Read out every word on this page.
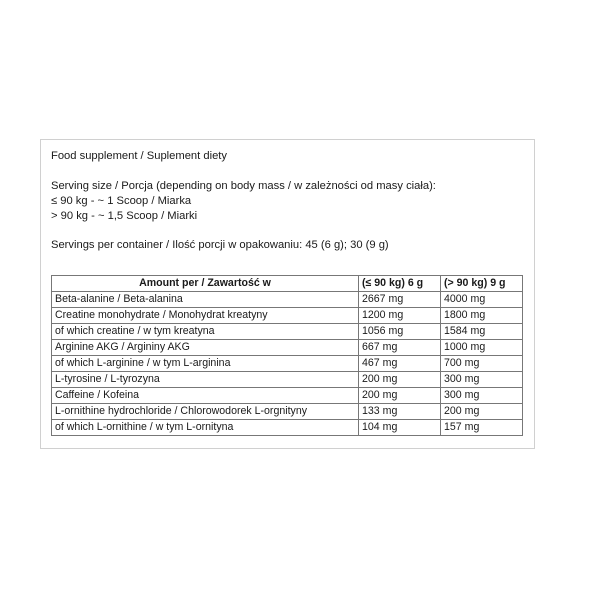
Food supplement / Suplement diety
Serving size / Porcja (depending on body mass / w zależności od masy ciała):
≤ 90 kg - ~ 1 Scoop / Miarka
> 90 kg - ~ 1,5 Scoop / Miarki
Servings per container / Ilość porcji w opakowaniu: 45 (6 g); 30 (9 g)
Amount per / Zawartość w	(≤ 90 kg) 6 g	(> 90 kg) 9 g
Beta-alanine / Beta-alanina	2667 mg	4000 mg
Creatine monohydrate / Monohydrat kreatyny	1200 mg	1800 mg
of which creatine / w tym kreatyna	1056 mg	1584 mg
Arginine AKG / Argininy AKG	667 mg	1000 mg
of which L-arginine / w tym L-arginina	467 mg	700 mg
L-tyrosine / L-tyrozyna	200 mg	300 mg
Caffeine / Kofeina	200 mg	300 mg
L-ornithine hydrochloride / Chlorowodorek L-orgnityny	133 mg	200 mg
of which L-ornithine / w tym L-ornityna	104 mg	157 mg
